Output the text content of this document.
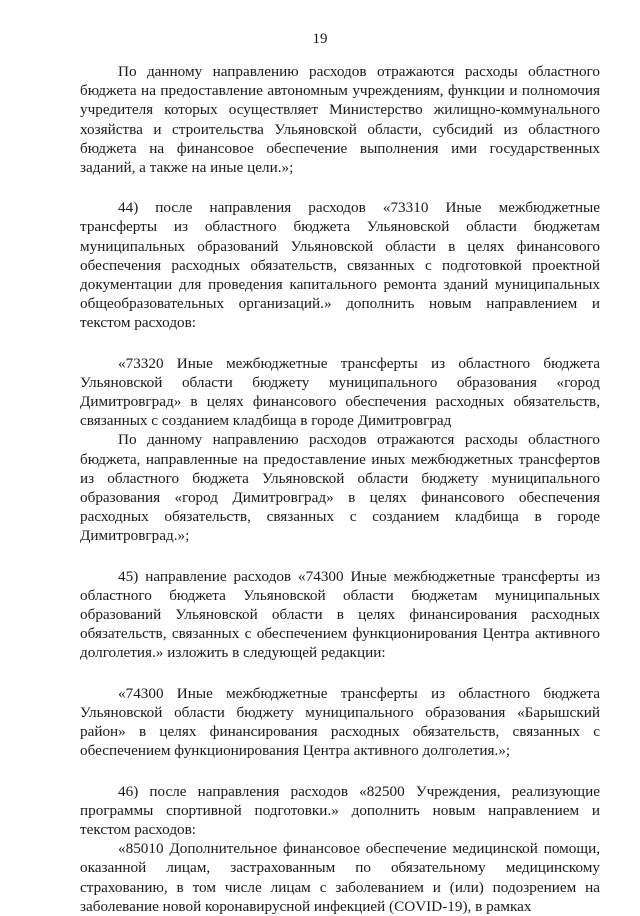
19

По данному направлению расходов отражаются расходы областного бюджета на предоставление автономным учреждениям, функции и полномочия учредителя которых осуществляет Министерство жилищно-коммунального хозяйства и строительства Ульяновской области, субсидий из областного бюджета на финансовое обеспечение выполнения ими государственных заданий, а также на иные цели.»;

44) после направления расходов «73310 Иные межбюджетные трансферты из областного бюджета Ульяновской области бюджетам муниципальных образований Ульяновской области в целях финансового обеспечения расходных обязательств, связанных с подготовкой проектной документации для проведения капитального ремонта зданий муниципальных общеобразовательных организаций.» дополнить новым направлением и текстом расходов:

«73320 Иные межбюджетные трансферты из областного бюджета Ульяновской области бюджету муниципального образования «город Димитровград» в целях финансового обеспечения расходных обязательств, связанных с созданием кладбища в городе Димитровград

По данному направлению расходов отражаются расходы областного бюджета, направленные на предоставление иных межбюджетных трансфертов из областного бюджета Ульяновской области бюджету муниципального образования «город Димитровград» в целях финансового обеспечения расходных обязательств, связанных с созданием кладбища в городе Димитровград.»;

45) направление расходов «74300 Иные межбюджетные трансферты из областного бюджета Ульяновской области бюджетам муниципальных образований Ульяновской области в целях финансирования расходных обязательств, связанных с обеспечением функционирования Центра активного долголетия.» изложить в следующей редакции:

«74300 Иные межбюджетные трансферты из областного бюджета Ульяновской области бюджету муниципального образования «Барышский район» в целях финансирования расходных обязательств, связанных с обеспечением функционирования Центра активного долголетия.»;

46) после направления расходов «82500 Учреждения, реализующие программы спортивной подготовки.» дополнить новым направлением и текстом расходов:

«85010 Дополнительное финансовое обеспечение медицинской помощи, оказанной лицам, застрахованным по обязательному медицинскому страхованию, в том числе лицам с заболеванием и (или) подозрением на заболевание новой коронавирусной инфекцией (COVID-19), в рамках
